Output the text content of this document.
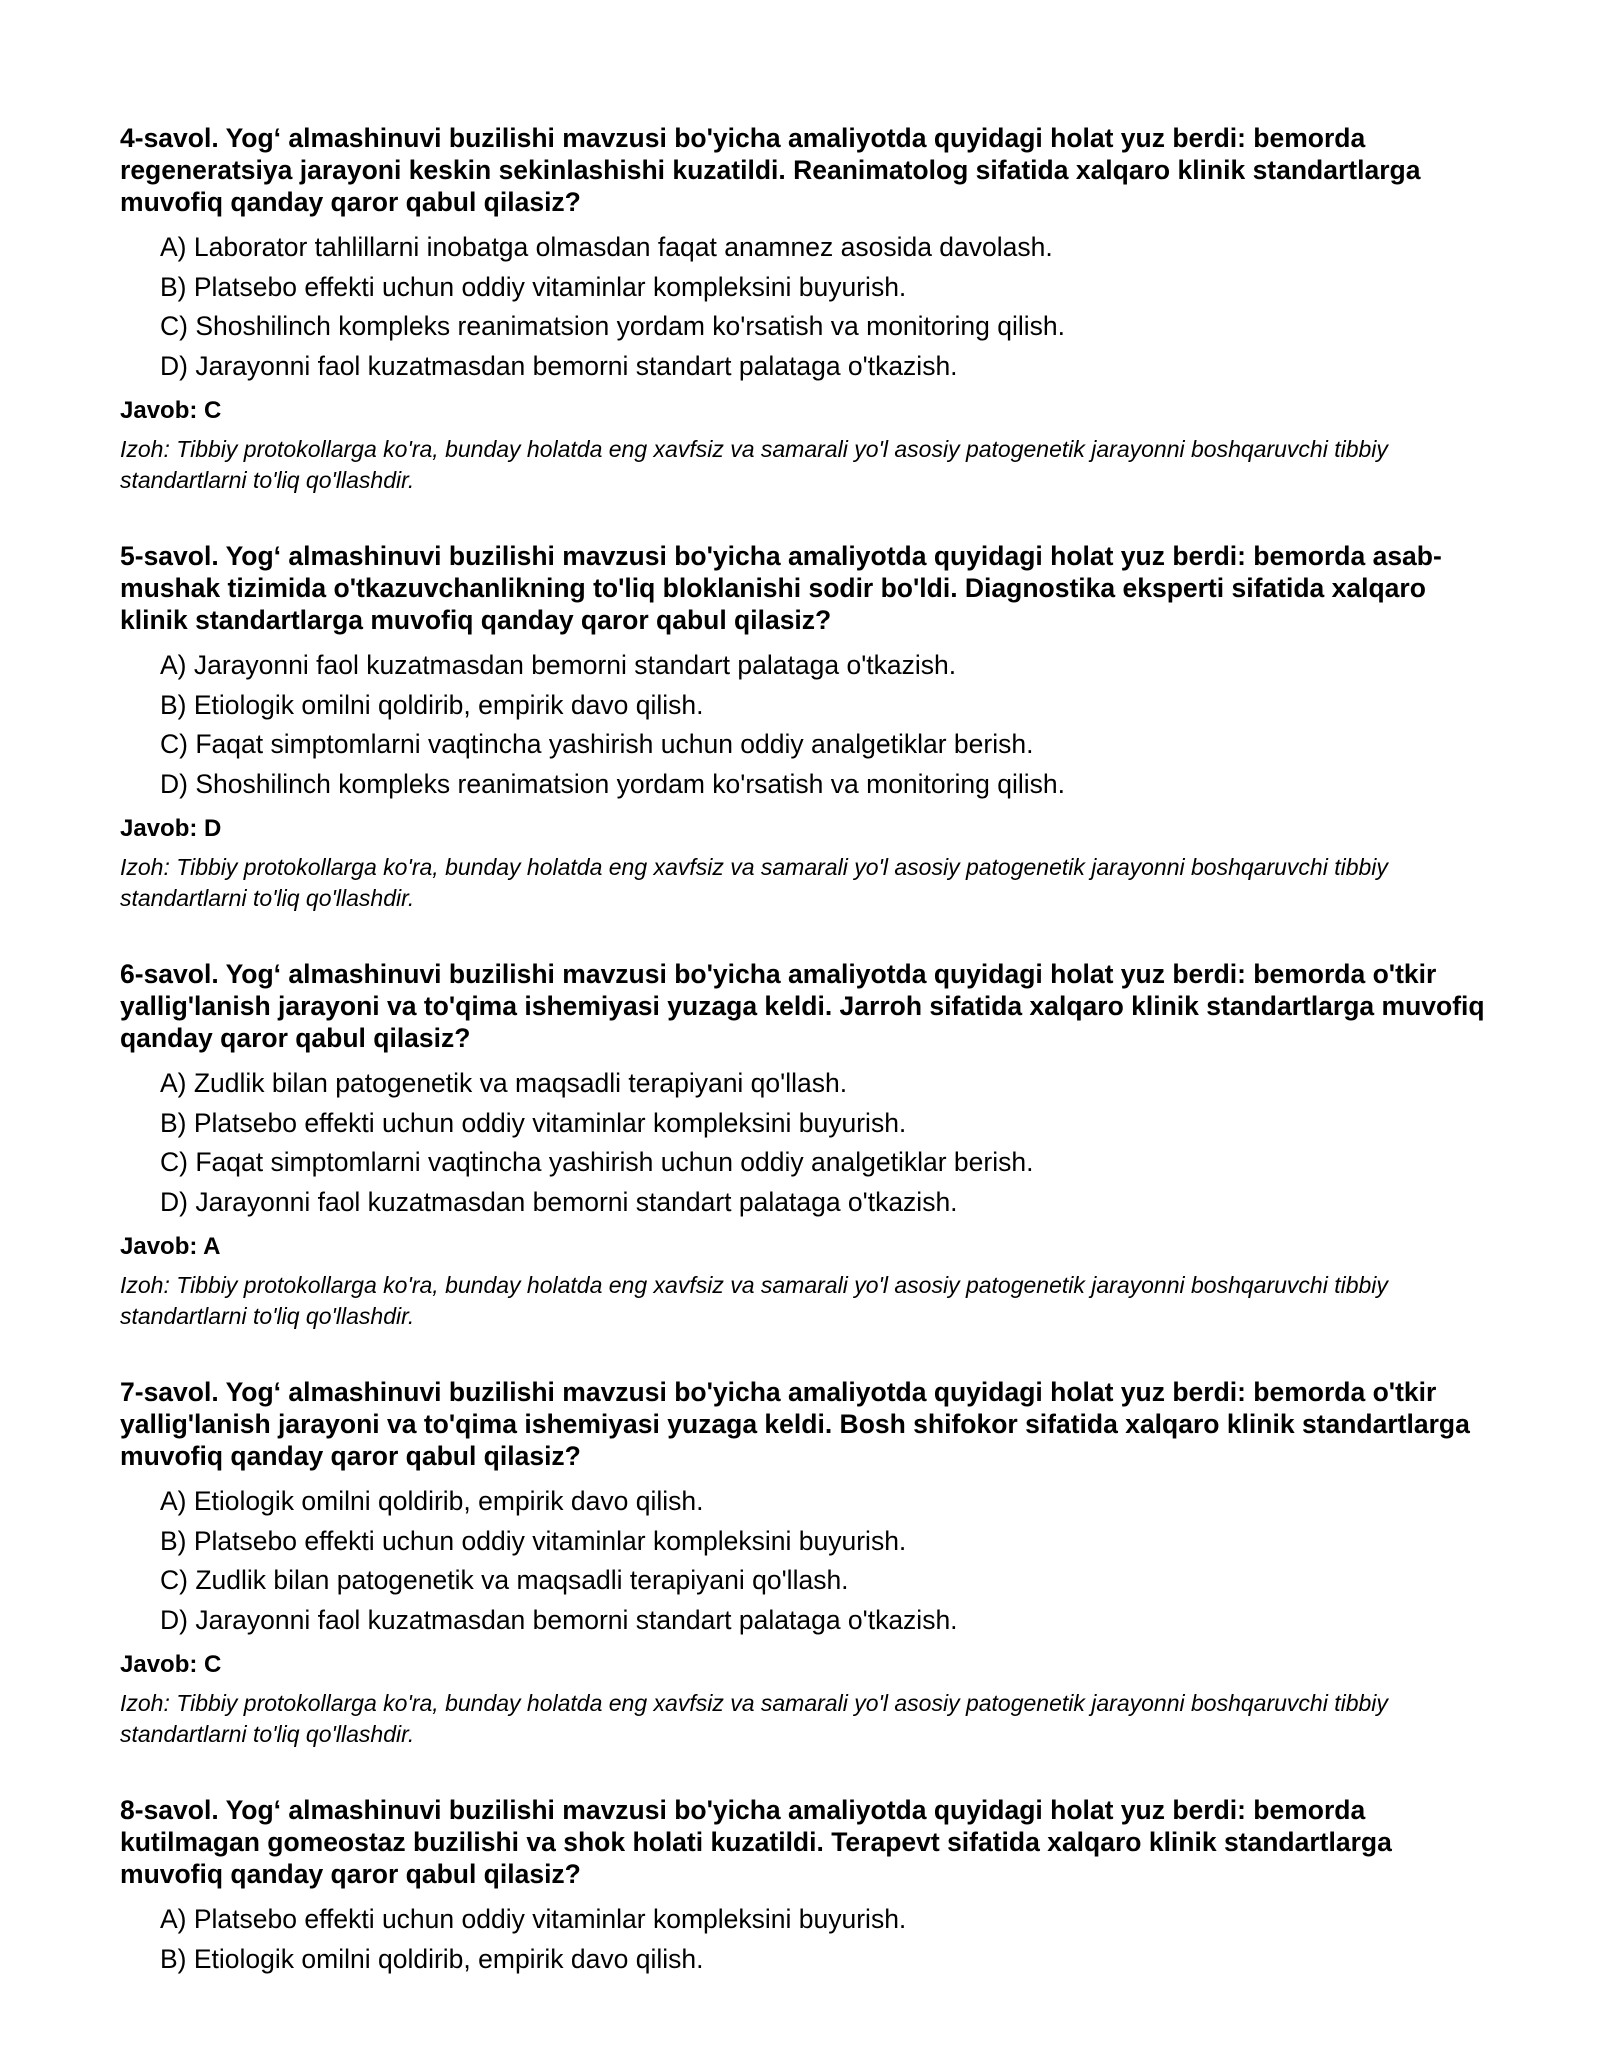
4-savol. Yog‘ almashinuvi buzilishi mavzusi bo'yicha amaliyotda quyidagi holat yuz berdi: bemorda regeneratsiya jarayoni keskin sekinlashishi kuzatildi. Reanimatolog sifatida xalqaro klinik standartlarga muvofiq qanday qaror qabul qilasiz?
A) Laborator tahlillarni inobatga olmasdan faqat anamnez asosida davolash.
B) Platsebo effekti uchun oddiy vitaminlar kompleksini buyurish.
C) Shoshilinch kompleks reanimatsion yordam ko'rsatish va monitoring qilish.
D) Jarayonni faol kuzatmasdan bemorni standart palataga o'tkazish.
Javob: C
Izoh: Tibbiy protokollarga ko'ra, bunday holatda eng xavfsiz va samarali yo'l asosiy patogenetik jarayonni boshqaruvchi tibbiy standartlarni to'liq qo'llashdir.
5-savol. Yog‘ almashinuvi buzilishi mavzusi bo'yicha amaliyotda quyidagi holat yuz berdi: bemorda asab-mushak tizimida o'tkazuvchanlikning to'liq bloklanishi sodir bo'ldi. Diagnostika eksperti sifatida xalqaro klinik standartlarga muvofiq qanday qaror qabul qilasiz?
A) Jarayonni faol kuzatmasdan bemorni standart palataga o'tkazish.
B) Etiologik omilni qoldirib, empirik davo qilish.
C) Faqat simptomlarni vaqtincha yashirish uchun oddiy analgetiklar berish.
D) Shoshilinch kompleks reanimatsion yordam ko'rsatish va monitoring qilish.
Javob: D
Izoh: Tibbiy protokollarga ko'ra, bunday holatda eng xavfsiz va samarali yo'l asosiy patogenetik jarayonni boshqaruvchi tibbiy standartlarni to'liq qo'llashdir.
6-savol. Yog‘ almashinuvi buzilishi mavzusi bo'yicha amaliyotda quyidagi holat yuz berdi: bemorda o'tkir yallig'lanish jarayoni va to'qima ishemiyasi yuzaga keldi. Jarroh sifatida xalqaro klinik standartlarga muvofiq qanday qaror qabul qilasiz?
A) Zudlik bilan patogenetik va maqsadli terapiyani qo'llash.
B) Platsebo effekti uchun oddiy vitaminlar kompleksini buyurish.
C) Faqat simptomlarni vaqtincha yashirish uchun oddiy analgetiklar berish.
D) Jarayonni faol kuzatmasdan bemorni standart palataga o'tkazish.
Javob: A
Izoh: Tibbiy protokollarga ko'ra, bunday holatda eng xavfsiz va samarali yo'l asosiy patogenetik jarayonni boshqaruvchi tibbiy standartlarni to'liq qo'llashdir.
7-savol. Yog‘ almashinuvi buzilishi mavzusi bo'yicha amaliyotda quyidagi holat yuz berdi: bemorda o'tkir yallig'lanish jarayoni va to'qima ishemiyasi yuzaga keldi. Bosh shifokor sifatida xalqaro klinik standartlarga muvofiq qanday qaror qabul qilasiz?
A) Etiologik omilni qoldirib, empirik davo qilish.
B) Platsebo effekti uchun oddiy vitaminlar kompleksini buyurish.
C) Zudlik bilan patogenetik va maqsadli terapiyani qo'llash.
D) Jarayonni faol kuzatmasdan bemorni standart palataga o'tkazish.
Javob: C
Izoh: Tibbiy protokollarga ko'ra, bunday holatda eng xavfsiz va samarali yo'l asosiy patogenetik jarayonni boshqaruvchi tibbiy standartlarni to'liq qo'llashdir.
8-savol. Yog‘ almashinuvi buzilishi mavzusi bo'yicha amaliyotda quyidagi holat yuz berdi: bemorda kutilmagan gomeostaz buzilishi va shok holati kuzatildi. Terapevt sifatida xalqaro klinik standartlarga muvofiq qanday qaror qabul qilasiz?
A) Platsebo effekti uchun oddiy vitaminlar kompleksini buyurish.
B) Etiologik omilni qoldirib, empirik davo qilish.
